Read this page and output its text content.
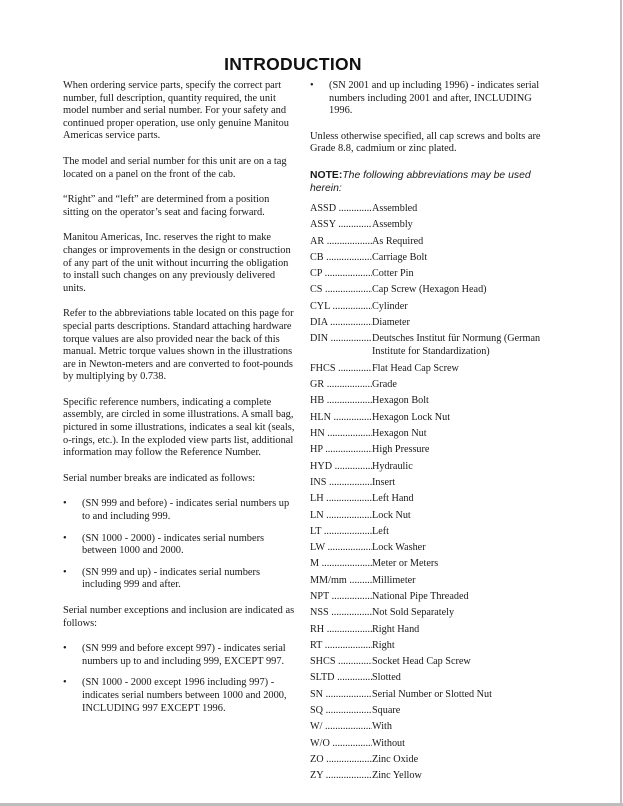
INTRODUCTION

When ordering service parts, specify the correct part number, full description, quantity required, the unit model number and serial number. For your safety and continued proper operation, use only genuine Manitou Americas service parts.

The model and serial number for this unit are on a tag located on a panel on the front of the cab.

“Right” and “left” are determined from a position sitting on the operator’s seat and facing forward.

Manitou Americas, Inc. reserves the right to make changes or improvements in the design or construction of any part of the unit without incurring the obligation to install such changes on any previously delivered units.

Refer to the abbreviations table located on this page for special parts descriptions. Standard attaching hardware torque values are also provided near the back of this manual. Metric torque values shown in the illustrations are in Newton-meters and are converted to foot-pounds by multiplying by 0.738.

Specific reference numbers, indicating a complete assembly, are circled in some illustrations. A small bag, pictured in some illustrations, indicates a seal kit (seals, o-rings, etc.). In the exploded view parts list, additional information may follow the Reference Number.

Serial number breaks are indicated as follows:

• (SN 999 and before) - indicates serial numbers up to and including 999.
• (SN 1000 - 2000) - indicates serial numbers between 1000 and 2000.
• (SN 999 and up) - indicates serial numbers including 999 and after.

Serial number exceptions and inclusion are indicated as follows:

• (SN 999 and before except 997) - indicates serial numbers up to and including 999, EXCEPT 997.
• (SN 1000 - 2000 except 1996 including 997) - indicates serial numbers between 1000 and 2000, INCLUDING 997 EXCEPT 1996.
• (SN 2001 and up including 1996) - indicates serial numbers including 2001 and after, INCLUDING 1996.

Unless otherwise specified, all cap screws and bolts are Grade 8.8, cadmium or zinc plated.

NOTE:The following abbreviations may be used herein:
ASSD .....	Assembled
ASSY .....	Assembly
AR .....	As Required
CB .....	Carriage Bolt
CP .....	Cotter Pin
CS .....	Cap Screw (Hexagon Head)
CYL .....	Cylinder
DIA .....	Diameter
DIN .....	Deutsches Institut für Normung (German Institute for Standardization)
FHCS .....	Flat Head Cap Screw
GR .....	Grade
HB .....	Hexagon Bolt
HLN .....	Hexagon Lock Nut
HN .....	Hexagon Nut
HP .....	High Pressure
HYD .....	Hydraulic
INS .....	Insert
LH .....	Left Hand
LN .....	Lock Nut
LT .....	Left
LW .....	Lock Washer
M .....	Meter or Meters
MM/mm .....	Millimeter
NPT .....	National Pipe Threaded
NSS .....	Not Sold Separately
RH .....	Right Hand
RT .....	Right
SHCS .....	Socket Head Cap Screw
SLTD .....	Slotted
SN .....	Serial Number or Slotted Nut
SQ .....	Square
W/ .....	With
W/O .....	Without
ZO .....	Zinc Oxide
ZY .....	Zinc Yellow
